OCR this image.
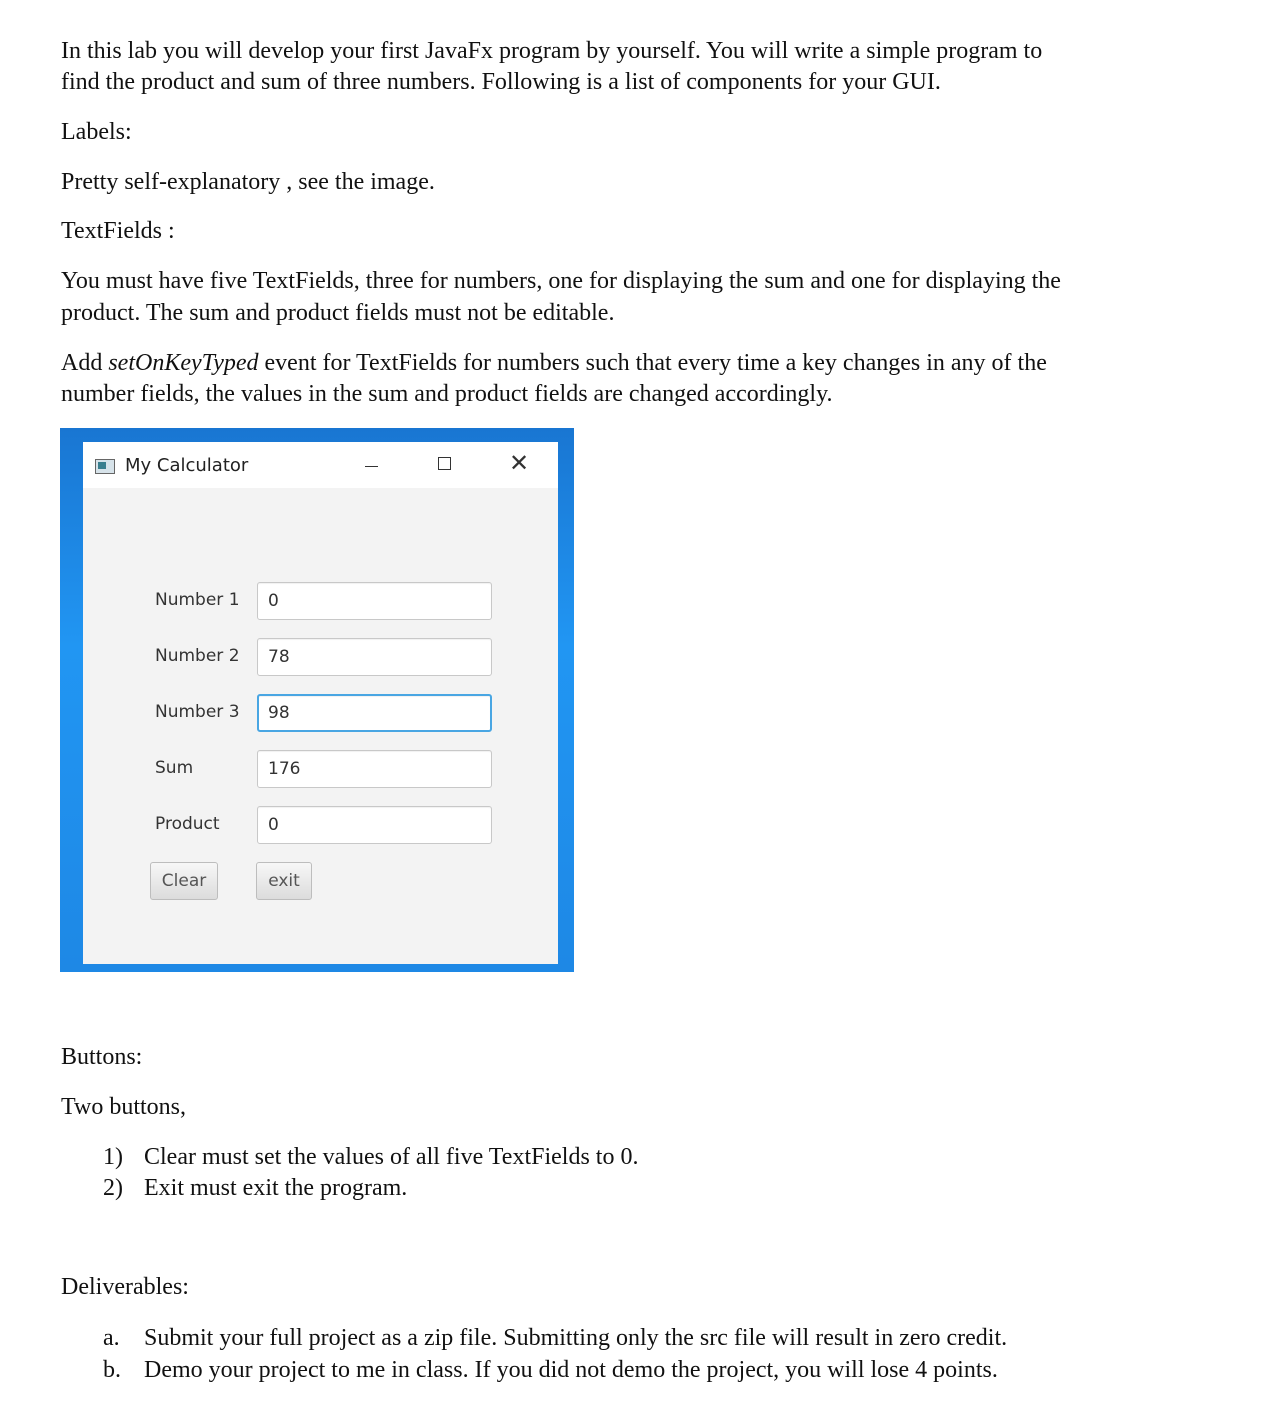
In this lab you will develop your first JavaFx program by yourself. You will write a simple program to

find the product and sum of three numbers. Following is a list of components for your GUI.

Labels:

Pretty self-explanatory , see the image.

TextFields :

You must have five TextFields, three for numbers, one for displaying the sum and one for displaying the

product. The sum and product fields must not be editable.

Add setOnKeyTyped event for TextFields for numbers such that every time a key changes in any of the

number fields, the values in the sum and product fields are changed accordingly.

My Calculator	✕
Number 1	0
Number 2	78
Number 3	98
Sum	176
Product	0
Clear	exit

Buttons:

Two buttons,

1) Clear must set the values of all five TextFields to 0.
2) Exit must exit the program.

Deliverables:

a. Submit your full project as a zip file. Submitting only the src file will result in zero credit.
b. Demo your project to me in class. If you did not demo the project, you will lose 4 points.
